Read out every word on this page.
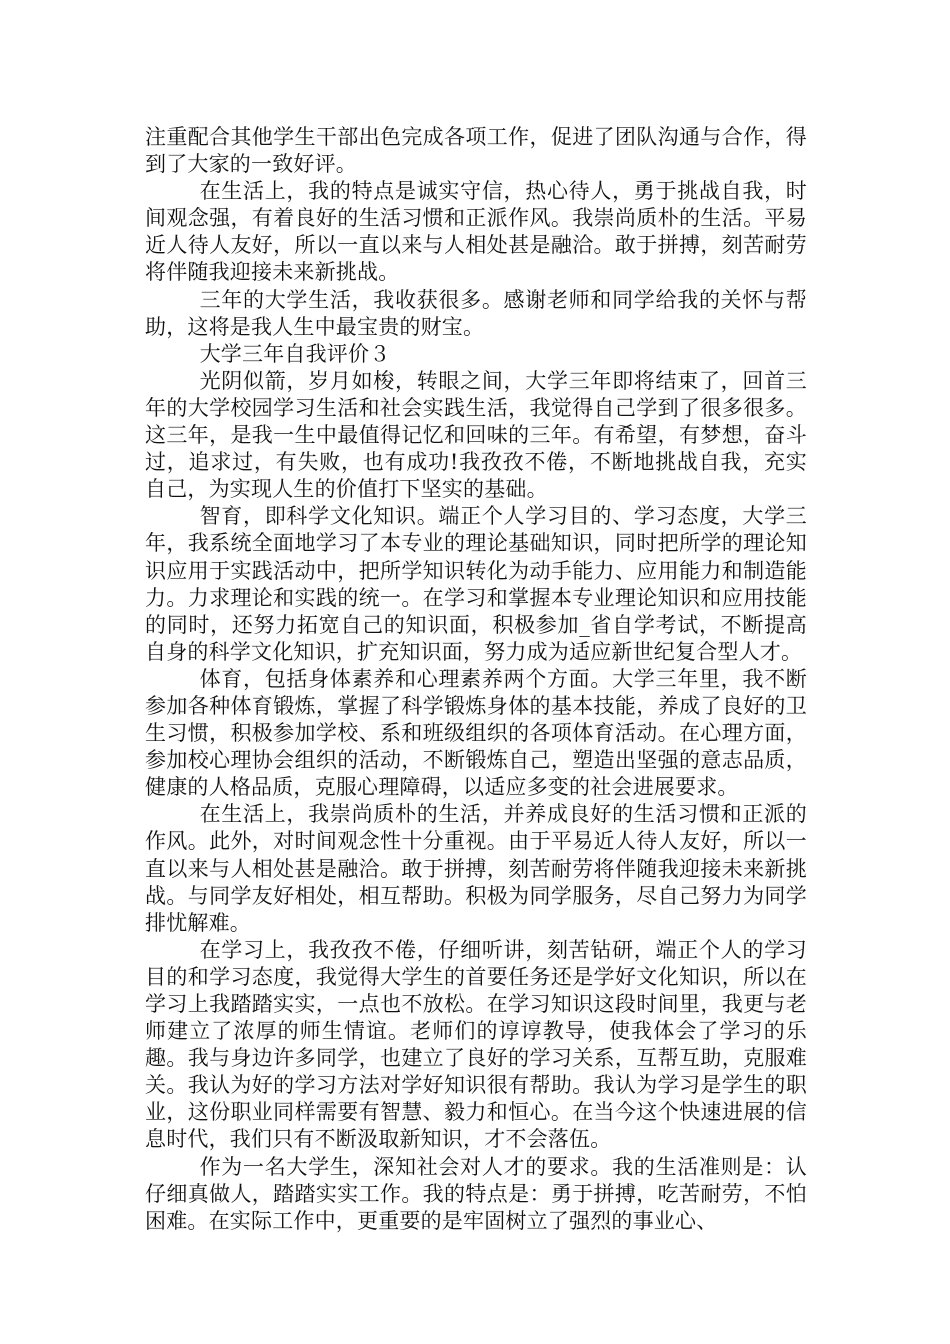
注重配合其他学生干部出色完成各项工作，促进了团队沟通与合作，得到了大家的一致好评。

在生活上，我的特点是诚实守信，热心待人，勇于挑战自我，时间观念强，有着良好的生活习惯和正派作风。我崇尚质朴的生活。平易近人待人友好，所以一直以来与人相处甚是融洽。敢于拼搏，刻苦耐劳将伴随我迎接未来新挑战。

三年的大学生活，我收获很多。感谢老师和同学给我的关怀与帮助，这将是我人生中最宝贵的财宝。

大学三年自我评价３

光阴似箭，岁月如梭，转眼之间，大学三年即将结束了，回首三年的大学校园学习生活和社会实践生活，我觉得自己学到了很多很多。这三年，是我一生中最值得记忆和回味的三年。有希望，有梦想，奋斗过，追求过，有失败，也有成功!我孜孜不倦，不断地挑战自我，充实自己，为实现人生的价值打下坚实的基础。

智育，即科学文化知识。端正个人学习目的、学习态度，大学三年，我系统全面地学习了本专业的理论基础知识，同时把所学的理论知识应用于实践活动中，把所学知识转化为动手能力、应用能力和制造能力。力求理论和实践的统一。在学习和掌握本专业理论知识和应用技能的同时，还努力拓宽自己的知识面，积极参加_省自学考试，不断提高自身的科学文化知识，扩充知识面，努力成为适应新世纪复合型人才。

体育，包括身体素养和心理素养两个方面。大学三年里，我不断参加各种体育锻炼，掌握了科学锻炼身体的基本技能，养成了良好的卫生习惯，积极参加学校、系和班级组织的各项体育活动。在心理方面，参加校心理协会组织的活动，不断锻炼自己，塑造出坚强的意志品质，健康的人格品质，克服心理障碍，以适应多变的社会进展要求。

在生活上，我崇尚质朴的生活，并养成良好的生活习惯和正派的作风。此外，对时间观念性十分重视。由于平易近人待人友好，所以一直以来与人相处甚是融洽。敢于拼搏，刻苦耐劳将伴随我迎接未来新挑战。与同学友好相处，相互帮助。积极为同学服务，尽自己努力为同学排忧解难。

在学习上，我孜孜不倦，仔细听讲，刻苦钻研，端正个人的学习目的和学习态度，我觉得大学生的首要任务还是学好文化知识，所以在学习上我踏踏实实，一点也不放松。在学习知识这段时间里，我更与老师建立了浓厚的师生情谊。老师们的谆谆教导，使我体会了学习的乐趣。我与身边许多同学，也建立了良好的学习关系，互帮互助，克服难关。我认为好的学习方法对学好知识很有帮助。我认为学习是学生的职业，这份职业同样需要有智慧、毅力和恒心。在当今这个快速进展的信息时代，我们只有不断汲取新知识，才不会落伍。

作为一名大学生，深知社会对人才的要求。我的生活准则是：认仔细真做人，踏踏实实工作。我的特点是：勇于拼搏，吃苦耐劳，不怕困难。在实际工作中，更重要的是牢固树立了强烈的事业心、
